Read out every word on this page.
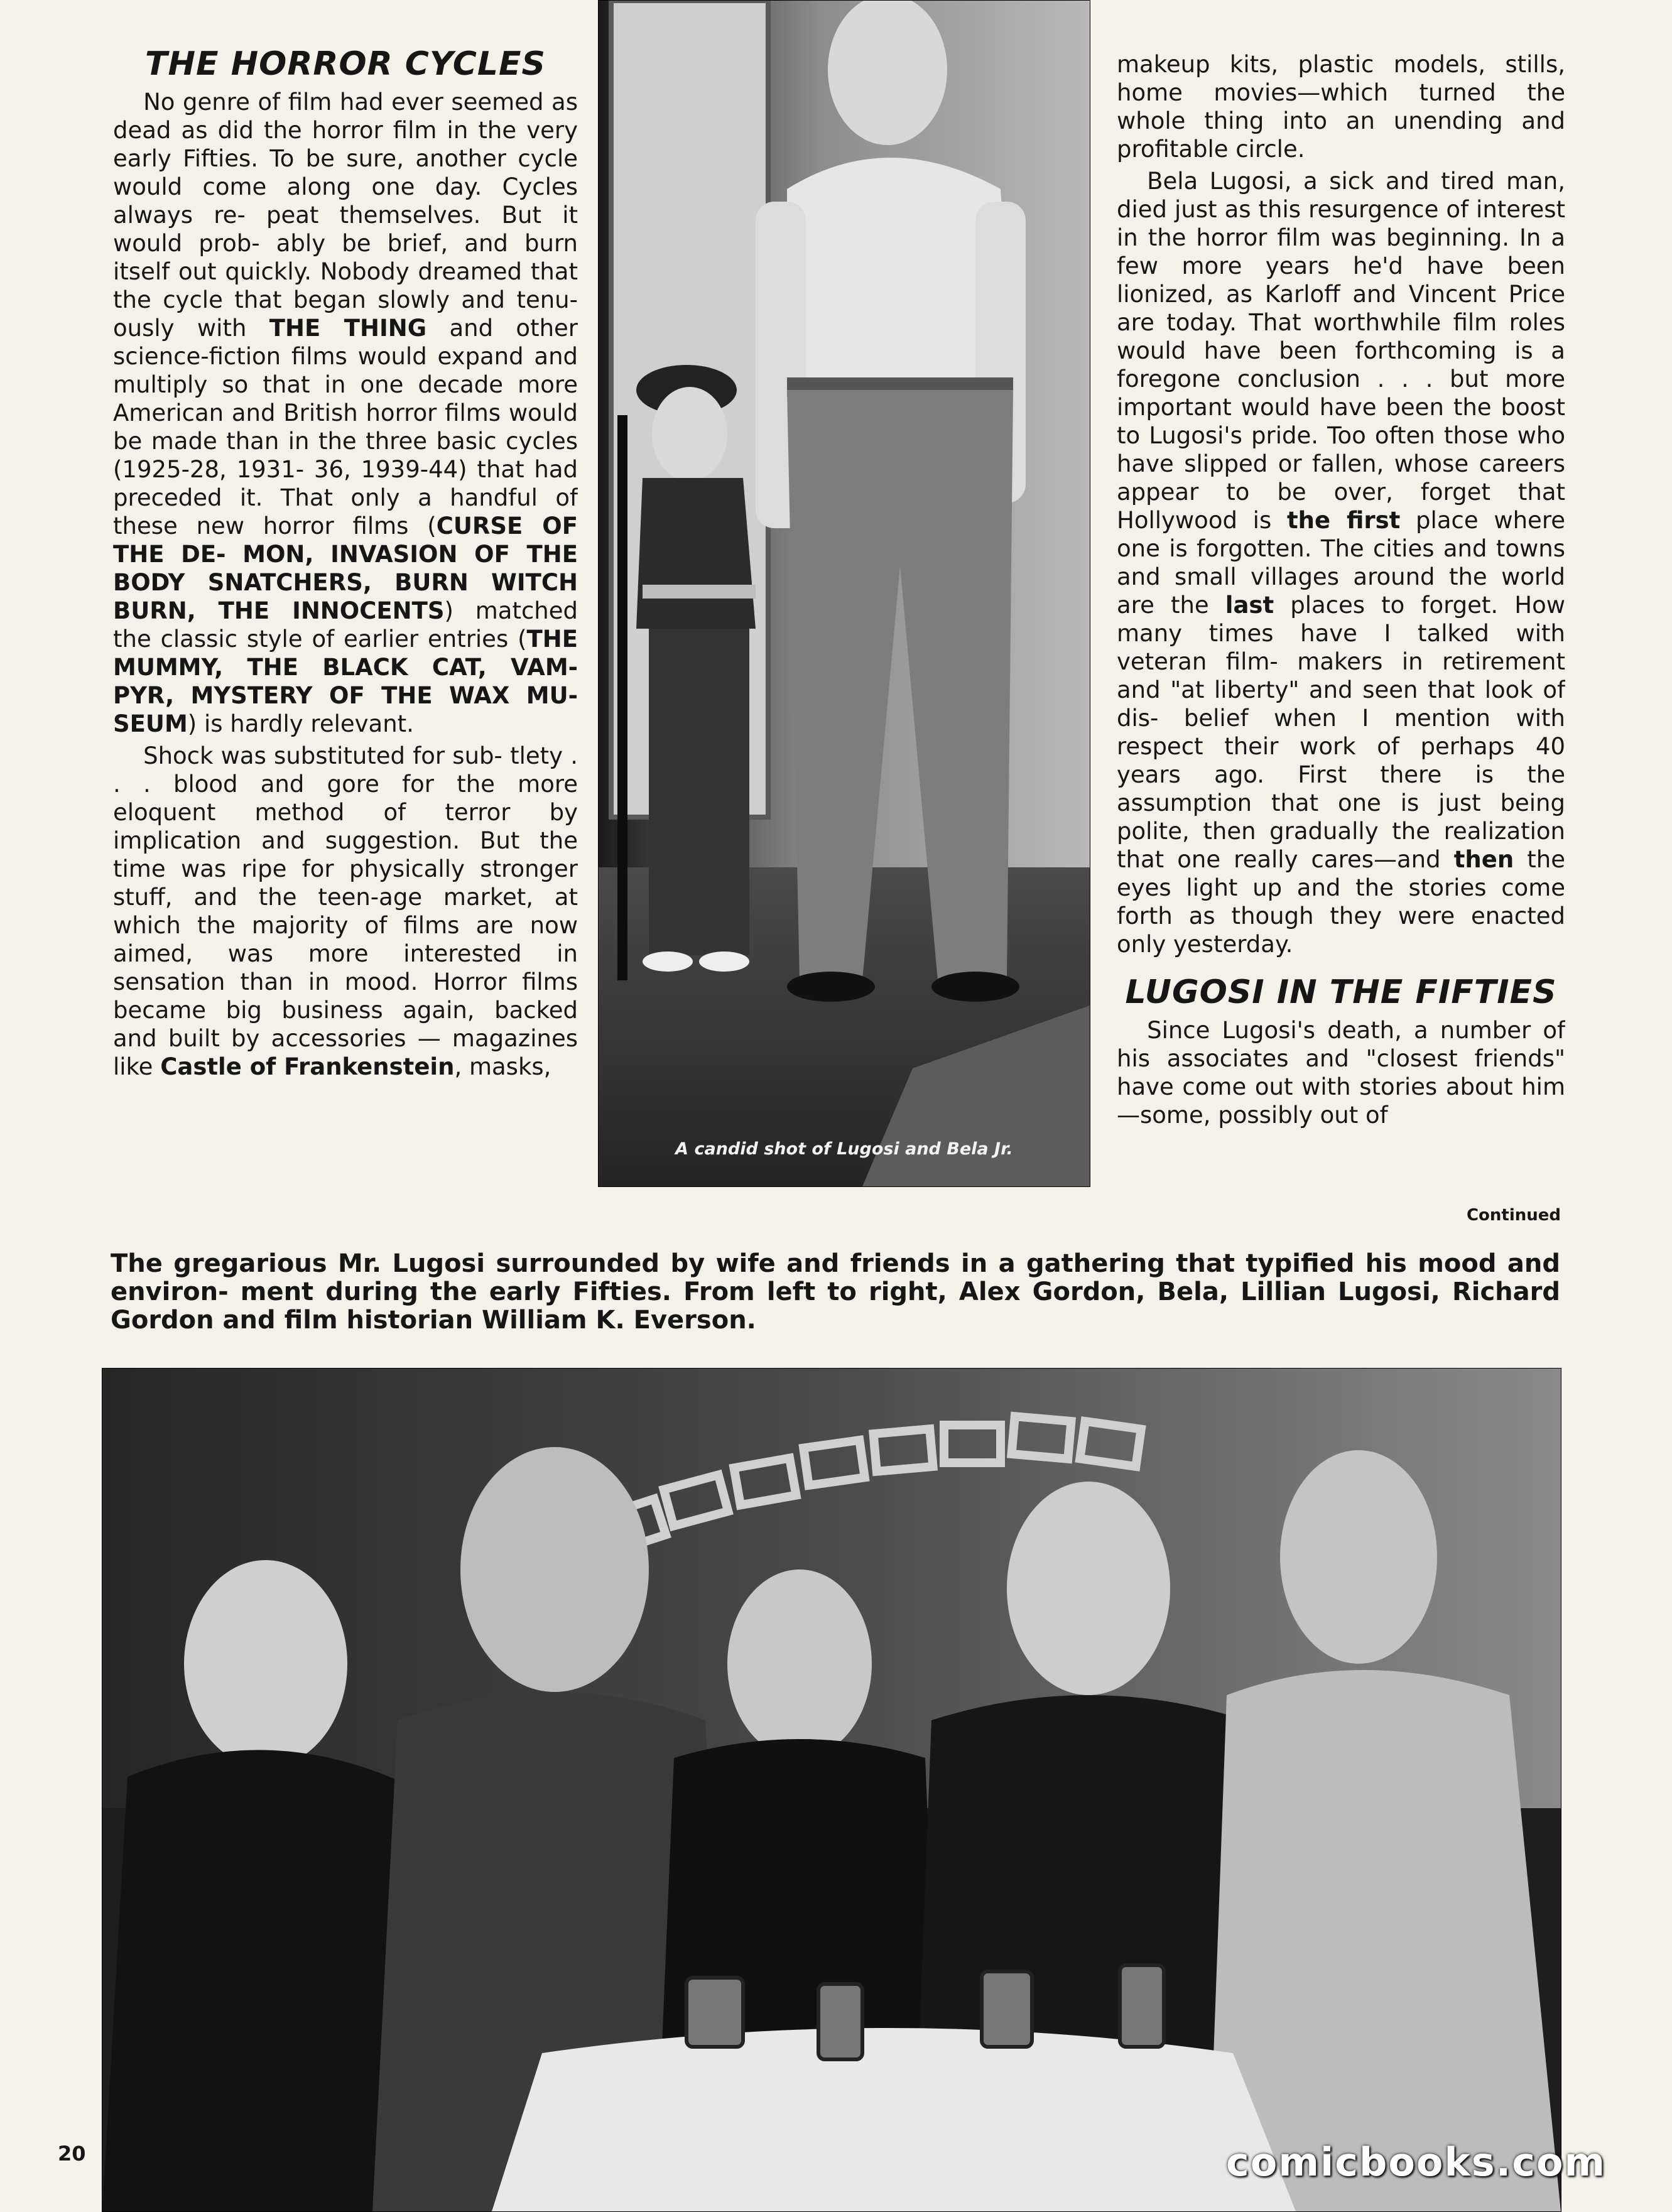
THE HORROR CYCLES

No genre of film had ever seemed as dead as did the horror film in the very early Fifties. To be sure, another cycle would come along one day. Cycles always re- peat themselves. But it would prob- ably be brief, and burn itself out quickly. Nobody dreamed that the cycle that began slowly and tenu- ously with THE THING and other science-fiction films would expand and multiply so that in one decade more American and British horror films would be made than in the three basic cycles (1925-28, 1931- 36, 1939-44) that had preceded it. That only a handful of these new horror films (CURSE OF THE DE- MON, INVASION OF THE BODY SNATCHERS, BURN WITCH BURN, THE INNOCENTS) matched the classic style of earlier entries (THE MUMMY, THE BLACK CAT, VAM- PYR, MYSTERY OF THE WAX MU- SEUM) is hardly relevant.

Shock was substituted for sub- tlety . . . blood and gore for the more eloquent method of terror by implication and suggestion. But the time was ripe for physically stronger stuff, and the teen-age market, at which the majority of films are now aimed, was more interested in sensation than in mood. Horror films became big business again, backed and built by accessories — magazines like Castle of Frankenstein, masks,

A candid shot of Lugosi and Bela Jr.

makeup kits, plastic models, stills, home movies—which turned the whole thing into an unending and profitable circle.

Bela Lugosi, a sick and tired man, died just as this resurgence of interest in the horror film was beginning. In a few more years he'd have been lionized, as Karloff and Vincent Price are today. That worthwhile film roles would have been forthcoming is a foregone conclusion . . . but more important would have been the boost to Lugosi's pride. Too often those who have slipped or fallen, whose careers appear to be over, forget that Hollywood is the first place where one is forgotten. The cities and towns and small villages around the world are the last places to forget. How many times have I talked with veteran film- makers in retirement and "at liberty" and seen that look of dis- belief when I mention with respect their work of perhaps 40 years ago. First there is the assumption that one is just being polite, then gradually the realization that one really cares—and then the eyes light up and the stories come forth as though they were enacted only yesterday.

LUGOSI IN THE FIFTIES

Since Lugosi's death, a number of his associates and "closest friends" have come out with stories about him—some, possibly out of

Continued
The gregarious Mr. Lugosi surrounded by wife and friends in a gathering that typified his mood and environ- ment during the early Fifties. From left to right, Alex Gordon, Bela, Lillian Lugosi, Richard Gordon and film historian William K. Everson.
20	comicbooks.com
